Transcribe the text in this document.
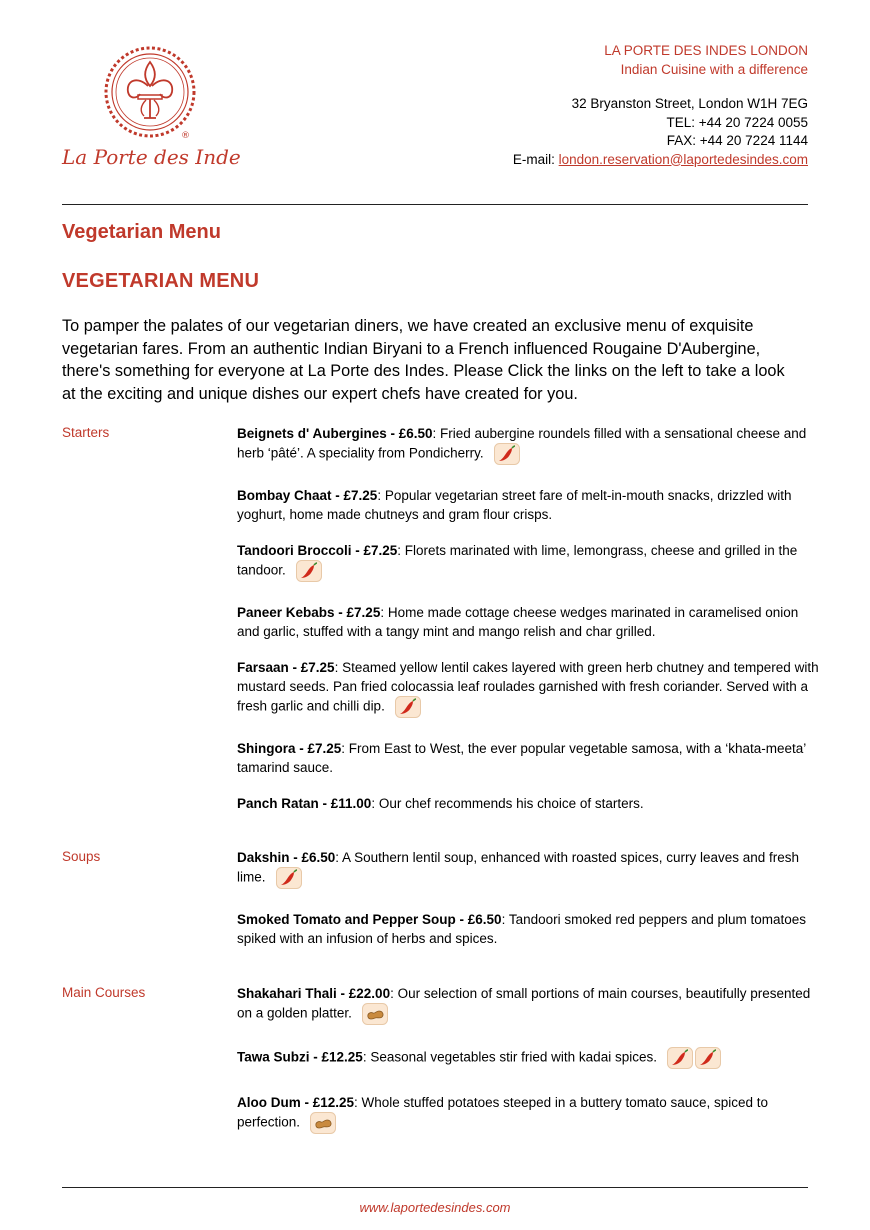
®
La Porte des Indes
LA PORTE DES INDES LONDON
Indian Cuisine with a difference
32 Bryanston Street, London W1H 7EG
TEL: +44 20 7224 0055
FAX: +44 20 7224 1144
E-mail: london.reservation@laportedesindes.com
Vegetarian Menu
VEGETARIAN MENU
To pamper the palates of our vegetarian diners, we have created an exclusive menu of exquisite vegetarian fares. From an authentic Indian Biryani to a French influenced Rougaine D'Aubergine, there's something for everyone at La Porte des Indes. Please Click the links on the left to take a look at the exciting and unique dishes our expert chefs have created for you.
Starters
Soups
Main Courses
Beignets d' Aubergines - £6.50: Fried aubergine roundels filled with a sensational cheese and herb ‘pâté’. A speciality from Pondicherry.
Bombay Chaat - £7.25: Popular vegetarian street fare of melt-in-mouth snacks, drizzled with yoghurt, home made chutneys and gram flour crisps.
Tandoori Broccoli - £7.25: Florets marinated with lime, lemongrass, cheese and grilled in the tandoor.
Paneer Kebabs - £7.25: Home made cottage cheese wedges marinated in caramelised onion and garlic, stuffed with a tangy mint and mango relish and char grilled.
Farsaan - £7.25: Steamed yellow lentil cakes layered with green herb chutney and tempered with mustard seeds. Pan fried colocassia leaf roulades garnished with fresh coriander. Served with a fresh garlic and chilli dip.
Shingora - £7.25: From East to West, the ever popular vegetable samosa, with a ‘khata-meeta’ tamarind sauce.
Panch Ratan - £11.00: Our chef recommends his choice of starters.
Dakshin - £6.50: A Southern lentil soup, enhanced with roasted spices, curry leaves and fresh lime.
Smoked Tomato and Pepper Soup - £6.50: Tandoori smoked red peppers and plum tomatoes spiked with an infusion of herbs and spices.
Shakahari Thali - £22.00: Our selection of small portions of main courses, beautifully presented on a golden platter.
Tawa Subzi - £12.25: Seasonal vegetables stir fried with kadai spices.
Aloo Dum - £12.25: Whole stuffed potatoes steeped in a buttery tomato sauce, spiced to perfection.
www.laportedesindes.com
